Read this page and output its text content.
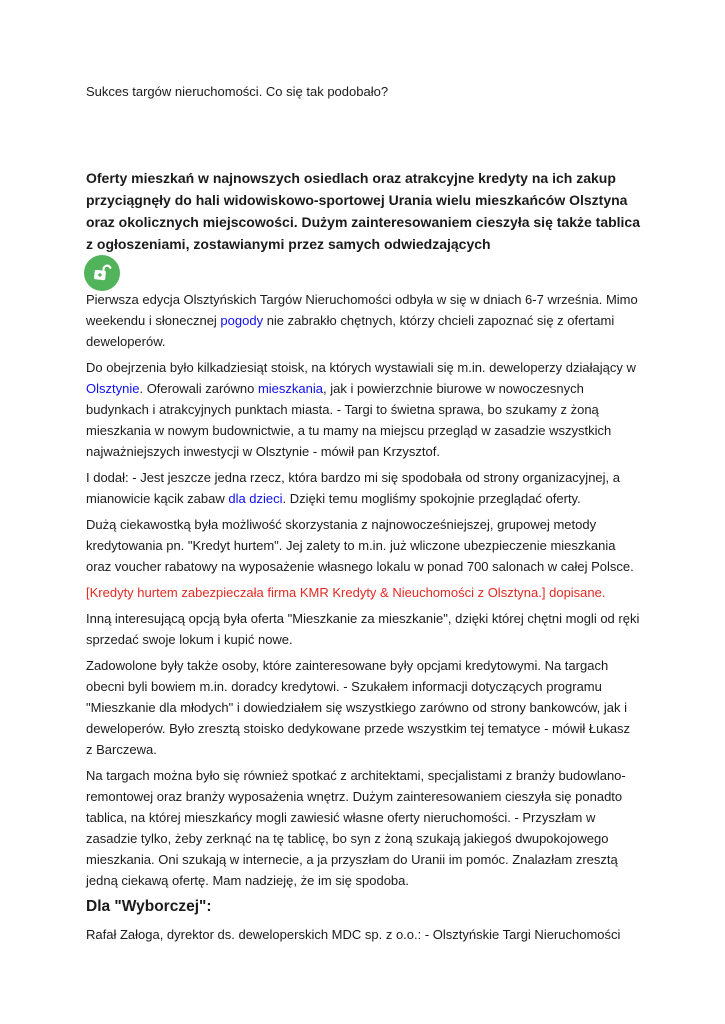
Sukces targów nieruchomości. Co się tak podobało?

Oferty mieszkań w najnowszych osiedlach oraz atrakcyjne kredyty na ich zakup przyciągnęły do hali widowiskowo-sportowej Urania wielu mieszkańców Olsztyna oraz okolicznych miejscowości. Dużym zainteresowaniem cieszyła się także tablica z ogłoszeniami, zostawianymi przez samych odwiedzających

Pierwsza edycja Olsztyńskich Targów Nieruchomości odbyła w się w dniach 6-7 września. Mimo weekendu i słonecznej pogody nie zabrakło chętnych, którzy chcieli zapoznać się z ofertami deweloperów.

Do obejrzenia było kilkadziesiąt stoisk, na których wystawiali się m.in. deweloperzy działający w Olsztynie. Oferowali zarówno mieszkania, jak i powierzchnie biurowe w nowoczesnych budynkach i atrakcyjnych punktach miasta. - Targi to świetna sprawa, bo szukamy z żoną mieszkania w nowym budownictwie, a tu mamy na miejscu przegląd w zasadzie wszystkich najważniejszych inwestycji w Olsztynie - mówił pan Krzysztof.

I dodał: - Jest jeszcze jedna rzecz, która bardzo mi się spodobała od strony organizacyjnej, a mianowicie kącik zabaw dla dzieci. Dzięki temu mogliśmy spokojnie przeglądać oferty.

Dużą ciekawostką była możliwość skorzystania z najnowocześniejszej, grupowej metody kredytowania pn. "Kredyt hurtem". Jej zalety to m.in. już wliczone ubezpieczenie mieszkania oraz voucher rabatowy na wyposażenie własnego lokalu w ponad 700 salonach w całej Polsce.

[Kredyty hurtem zabezpieczała firma KMR Kredyty & Nieuchomości z Olsztyna.] dopisane.

Inną interesującą opcją była oferta "Mieszkanie za mieszkanie", dzięki której chętni mogli od ręki sprzedać swoje lokum i kupić nowe.

Zadowolone były także osoby, które zainteresowane były opcjami kredytowymi. Na targach obecni byli bowiem m.in. doradcy kredytowi. - Szukałem informacji dotyczących programu "Mieszkanie dla młodych" i dowiedziałem się wszystkiego zarówno od strony bankowców, jak i deweloperów. Było zresztą stoisko dedykowane przede wszystkim tej tematyce - mówił Łukasz z Barczewa.

Na targach można było się również spotkać z architektami, specjalistami z branży budowlano-remontowej oraz branży wyposażenia wnętrz. Dużym zainteresowaniem cieszyła się ponadto tablica, na której mieszkańcy mogli zawiesić własne oferty nieruchomości. - Przyszłam w zasadzie tylko, żeby zerknąć na tę tablicę, bo syn z żoną szukają jakiegoś dwupokojowego mieszkania. Oni szukają w internecie, a ja przyszłam do Uranii im pomóc. Znalazłam zresztą jedną ciekawą ofertę. Mam nadzieję, że im się spodoba.

Dla "Wyborczej":

Rafał Załoga, dyrektor ds. deweloperskich MDC sp. z o.o.: - Olsztyńskie Targi Nieruchomości
